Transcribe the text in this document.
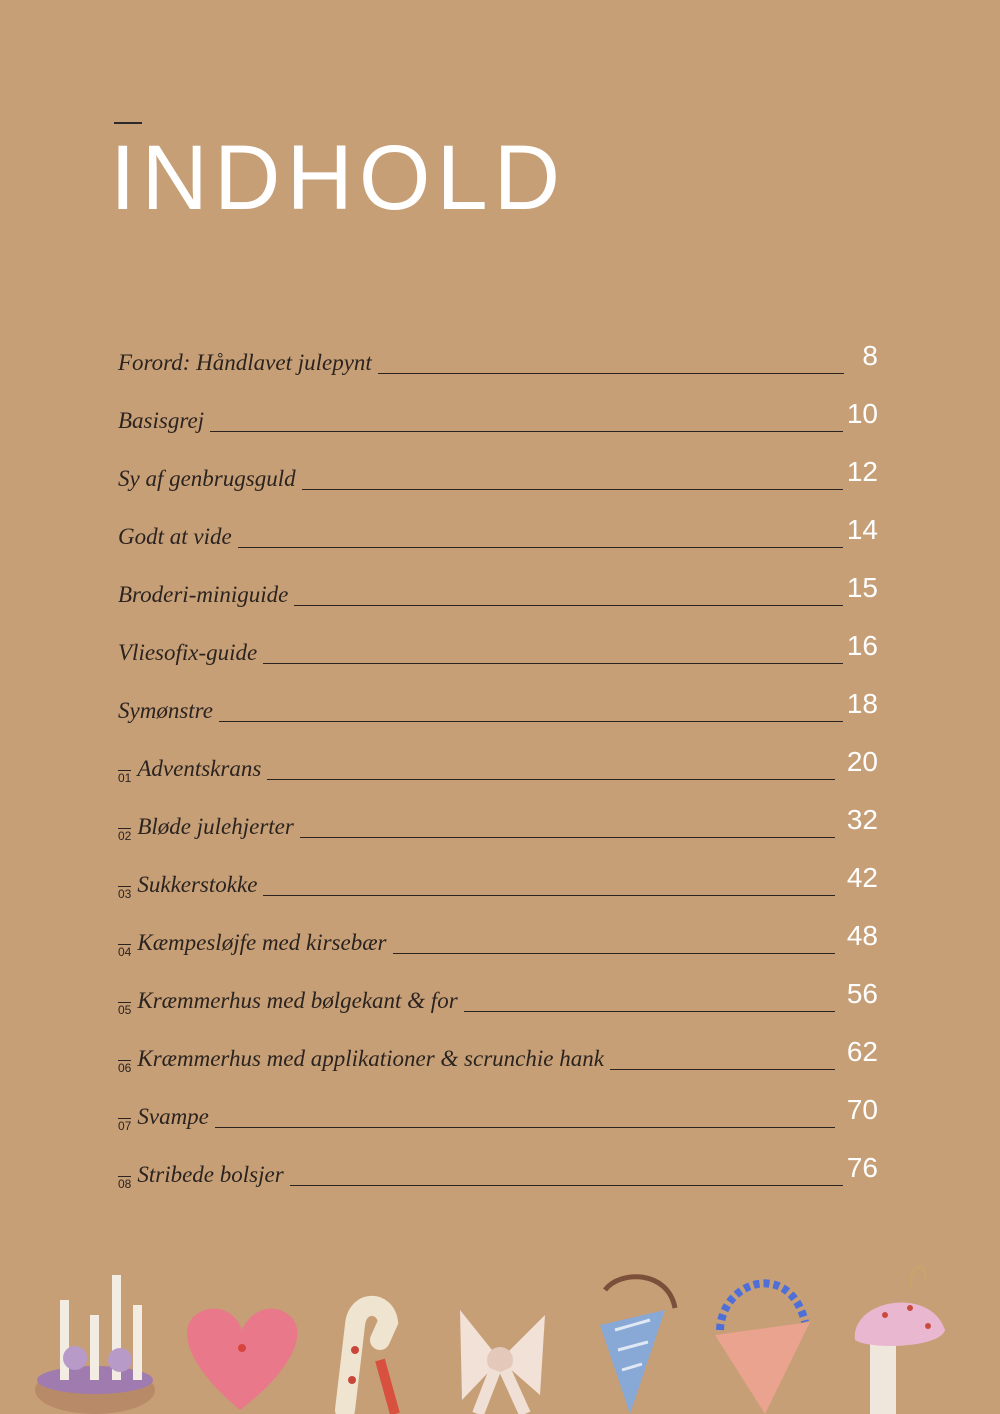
INDHOLD
Forord: Håndlavet julepynt	8
Basisgrej	10
Sy af genbrugsguld	12
Godt at vide	14
Broderi-miniguide	15
Vliesofix-guide	16
Symønstre	18
01 Adventskrans	20
02 Bløde julehjerter	32
03 Sukkerstokke	42
04 Kæmpesløjfe med kirsebær	48
05 Kræmmerhus med bølgekant & for	56
06 Kræmmerhus med applikationer & scrunchie hank	62
07 Svampe	70
08 Stribede bolsjer	76
